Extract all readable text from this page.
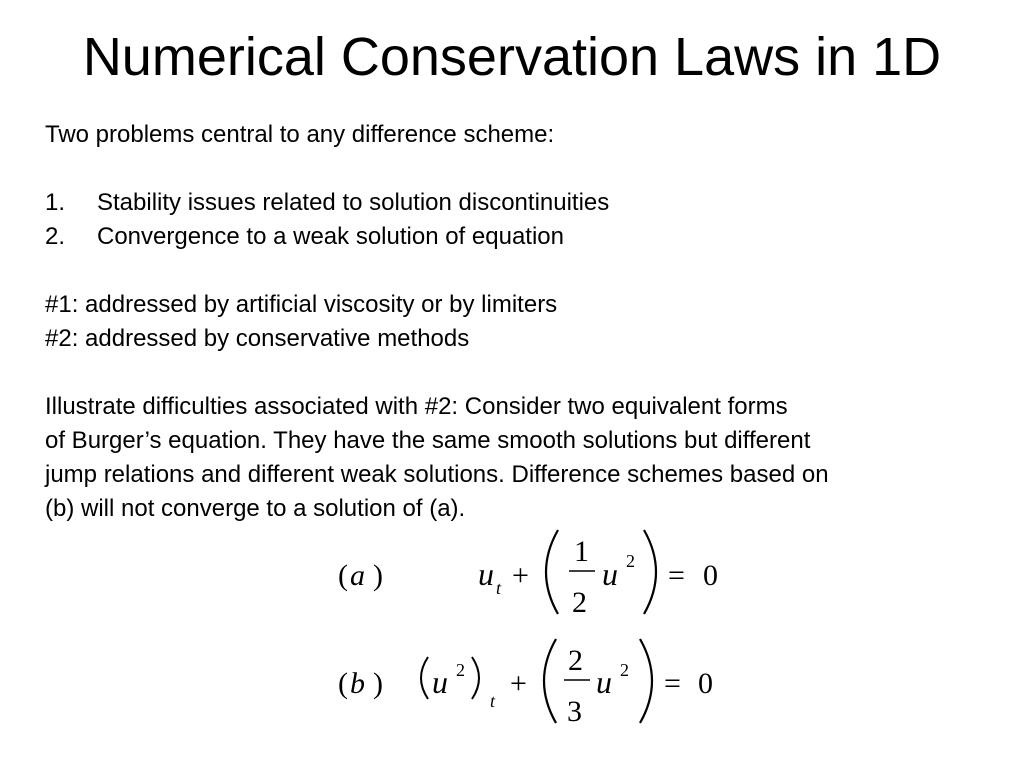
Numerical Conservation Laws in 1D
Two problems central to any difference scheme:
1.	Stability issues related to solution discontinuities
2.	Convergence to a weak solution of equation
#1: addressed by artificial viscosity or by limiters
#2: addressed by conservative methods
Illustrate difficulties associated with #2: Consider two equivalent forms
of Burger’s equation. They have the same smooth solutions but different
jump relations and different weak solutions. Difference schemes based on
(b) will not converge to a solution of (a).
( a )	u t +
1
2
u 2 = 0
( b ) u 2
t
+
2
3
u 2 = 0
